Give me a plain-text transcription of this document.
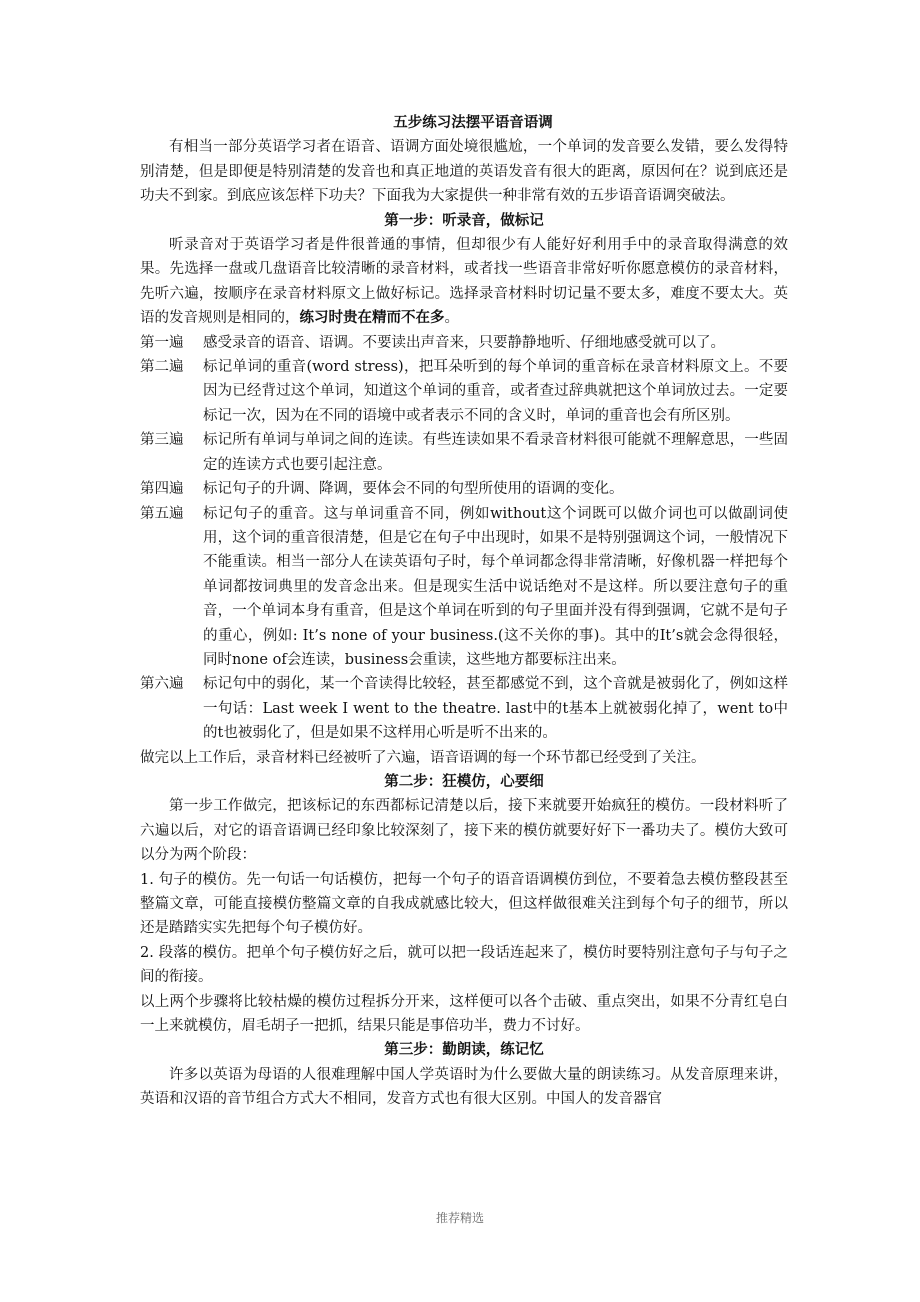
五步练习法摆平语音语调

有相当一部分英语学习者在语音、语调方面处境很尴尬，一个单词的发音要么发错，要么发得特别清楚，但是即便是特别清楚的发音也和真正地道的英语发音有很大的距离，原因何在？说到底还是功夫不到家。到底应该怎样下功夫？下面我为大家提供一种非常有效的五步语音语调突破法。

第一步：听录音，做标记

听录音对于英语学习者是件很普通的事情，但却很少有人能好好利用手中的录音取得满意的效果。先选择一盘或几盘语音比较清晰的录音材料，或者找一些语音非常好听你愿意模仿的录音材料，先听六遍，按顺序在录音材料原文上做好标记。选择录音材料时切记量不要太多，难度不要太大。英语的发音规则是相同的，练习时贵在精而不在多。

第一遍	感受录音的语音、语调。不要读出声音来，只要静静地听、仔细地感受就可以了。
第二遍	标记单词的重音(word stress)，把耳朵听到的每个单词的重音标在录音材料原文上。不要因为已经背过这个单词，知道这个单词的重音，或者查过辞典就把这个单词放过去。一定要标记一次，因为在不同的语境中或者表示不同的含义时，单词的重音也会有所区别。
第三遍	标记所有单词与单词之间的连读。有些连读如果不看录音材料很可能就不理解意思，一些固定的连读方式也要引起注意。
第四遍	标记句子的升调、降调，要体会不同的句型所使用的语调的变化。
第五遍	标记句子的重音。这与单词重音不同，例如without这个词既可以做介词也可以做副词使用，这个词的重音很清楚，但是它在句子中出现时，如果不是特别强调这个词，一般情况下不能重读。相当一部分人在读英语句子时，每个单词都念得非常清晰，好像机器一样把每个单词都按词典里的发音念出来。但是现实生活中说话绝对不是这样。所以要注意句子的重音，一个单词本身有重音，但是这个单词在听到的句子里面并没有得到强调，它就不是句子的重心，例如: It’s none of your business.(这不关你的事)。其中的It’s就会念得很轻，同时none of会连读，business会重读，这些地方都要标注出来。
第六遍	标记句中的弱化，某一个音读得比较轻，甚至都感觉不到，这个音就是被弱化了，例如这样一句话：Last week I went to the theatre. last中的t基本上就被弱化掉了，went to中的t也被弱化了，但是如果不这样用心听是听不出来的。

做完以上工作后，录音材料已经被听了六遍，语音语调的每一个环节都已经受到了关注。

第二步：狂模仿，心要细

第一步工作做完，把该标记的东西都标记清楚以后，接下来就要开始疯狂的模仿。一段材料听了六遍以后，对它的语音语调已经印象比较深刻了，接下来的模仿就要好好下一番功夫了。模仿大致可以分为两个阶段：

1. 句子的模仿。先一句话一句话模仿，把每一个句子的语音语调模仿到位，不要着急去模仿整段甚至整篇文章，可能直接模仿整篇文章的自我成就感比较大，但这样做很难关注到每个句子的细节，所以还是踏踏实实先把每个句子模仿好。

2. 段落的模仿。把单个句子模仿好之后，就可以把一段话连起来了，模仿时要特别注意句子与句子之间的衔接。

以上两个步骤将比较枯燥的模仿过程拆分开来，这样便可以各个击破、重点突出，如果不分青红皂白一上来就模仿，眉毛胡子一把抓，结果只能是事倍功半，费力不讨好。

第三步：勤朗读，练记忆

许多以英语为母语的人很难理解中国人学英语时为什么要做大量的朗读练习。从发音原理来讲，英语和汉语的音节组合方式大不相同，发音方式也有很大区别。中国人的发音器官

推荐精选
